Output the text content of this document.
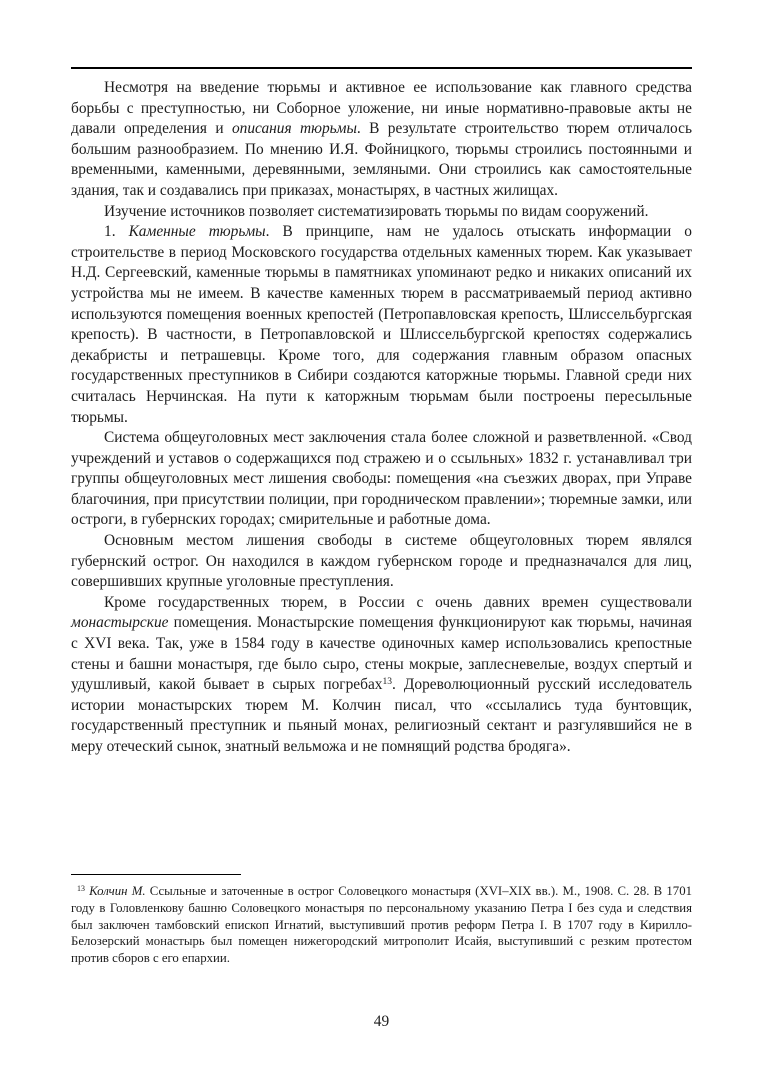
Несмотря на введение тюрьмы и активное ее использование как главного средства борьбы с преступностью, ни Соборное уложение, ни иные нормативно-правовые акты не давали определения и описания тюрьмы. В результате строительство тюрем отличалось большим разнообразием. По мнению И.Я. Фойницкого, тюрьмы строились постоянными и временными, каменными, деревянными, земляными. Они строились как самостоятельные здания, так и создавались при приказах, монастырях, в частных жилищах.

Изучение источников позволяет систематизировать тюрьмы по видам сооружений.

1. Каменные тюрьмы. В принципе, нам не удалось отыскать информации о строительстве в период Московского государства отдельных каменных тюрем. Как указывает Н.Д. Сергеевский, каменные тюрьмы в памятниках упоминают редко и никаких описаний их устройства мы не имеем. В качестве каменных тюрем в рассматриваемый период активно используются помещения военных крепостей (Петропавловская крепость, Шлиссельбургская крепость). В частности, в Петропавловской и Шлиссельбургской крепостях содержались декабристы и петрашевцы. Кроме того, для содержания главным образом опасных государственных преступников в Сибири создаются каторжные тюрьмы. Главной среди них считалась Нерчинская. На пути к каторжным тюрьмам были построены пересыльные тюрьмы.

Система общеуголовных мест заключения стала более сложной и разветвленной. «Свод учреждений и уставов о содержащихся под стражею и о ссыльных» 1832 г. устанавливал три группы общеуголовных мест лишения свободы: помещения «на съезжих дворах, при Управе благочиния, при присутствии полиции, при городническом правлении»; тюремные замки, или остроги, в губернских городах; смирительные и работные дома.

Основным местом лишения свободы в системе общеуголовных тюрем являлся губернский острог. Он находился в каждом губернском городе и предназначался для лиц, совершивших крупные уголовные преступления.

Кроме государственных тюрем, в России с очень давних времен существовали монастырские помещения. Монастырские помещения функционируют как тюрьмы, начиная с XVI века. Так, уже в 1584 году в качестве одиночных камер использовались крепостные стены и башни монастыря, где было сыро, стены мокрые, заплесневелые, воздух спертый и удушливый, какой бывает в сырых погребах$^{13}$. Дореволюционный русский исследователь истории монастырских тюрем М. Колчин писал, что «ссылались туда бунтовщик, государственный преступник и пьяный монах, религиозный сектант и разгулявшийся не в меру отеческий сынок, знатный вельможа и не помнящий родства бродяга».

$^{13}$ Колчин М. Ссыльные и заточенные в острог Соловецкого монастыря (XVI–XIX вв.). М., 1908. С. 28. В 1701 году в Головленкову башню Соловецкого монастыря по персональному указанию Петра I без суда и следствия был заключен тамбовский епископ Игнатий, выступивший против реформ Петра I. В 1707 году в Кирилло-Белозерский монастырь был помещен нижегородский митрополит Исайя, выступивший с резким протестом против сборов с его епархии.

49
